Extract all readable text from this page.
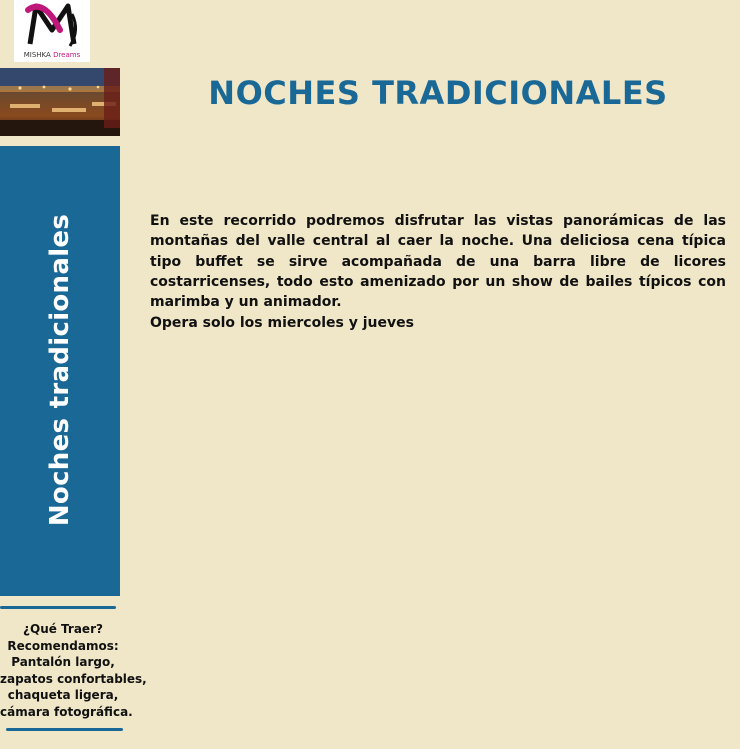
MISHKA Dreams
Noches tradicionales
¿Qué Traer?
Recomendamos:
Pantalón largo,
zapatos confortables,
chaqueta ligera,
cámara fotográfica.
NOCHES TRADICIONALES

En este recorrido podremos disfrutar las vistas panorámicas de las montañas del valle central al caer la noche. Una deliciosa cena típica tipo buffet se sirve acompañada de una barra libre de licores costarricenses, todo esto amenizado por un show de bailes típicos con marimba y un animador.

Opera solo los miercoles y jueves
